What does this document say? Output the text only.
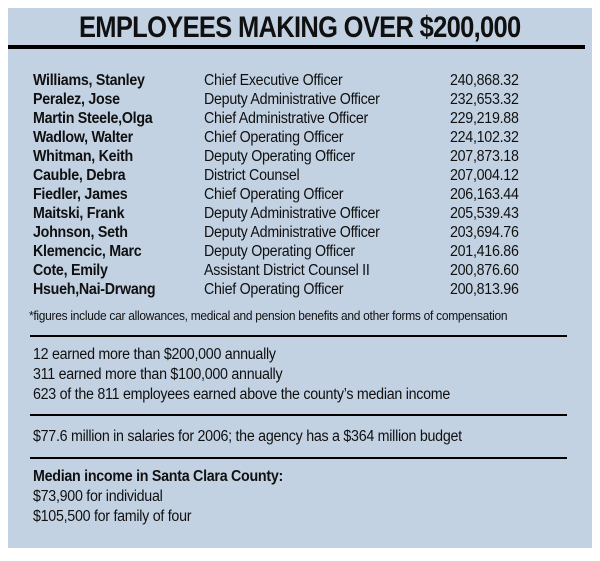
EMPLOYEES MAKING OVER $200,000
Williams, Stanley	Chief Executive Officer	240,868.32
Peralez, Jose	Deputy Administrative Officer	232,653.32
Martin Steele,Olga	Chief Administrative Officer	229,219.88
Wadlow, Walter	Chief Operating Officer	224,102.32
Whitman, Keith	Deputy Operating Officer	207,873.18
Cauble, Debra	District Counsel	207,004.12
Fiedler, James	Chief Operating Officer	206,163.44
Maitski, Frank	Deputy Administrative Officer	205,539.43
Johnson, Seth	Deputy Administrative Officer	203,694.76
Klemencic, Marc	Deputy Operating Officer	201,416.86
Cote, Emily	Assistant District Counsel II	200,876.60
Hsueh,Nai-Drwang	Chief Operating Officer	200,813.96
*figures include car allowances, medical and pension benefits and other forms of compensation
12 earned more than $200,000 annually
311 earned more than $100,000 annually
623 of the 811 employees earned above the county’s median income
$77.6 million in salaries for 2006; the agency has a $364 million budget
Median income in Santa Clara County:
$73,900 for individual
$105,500 for family of four
